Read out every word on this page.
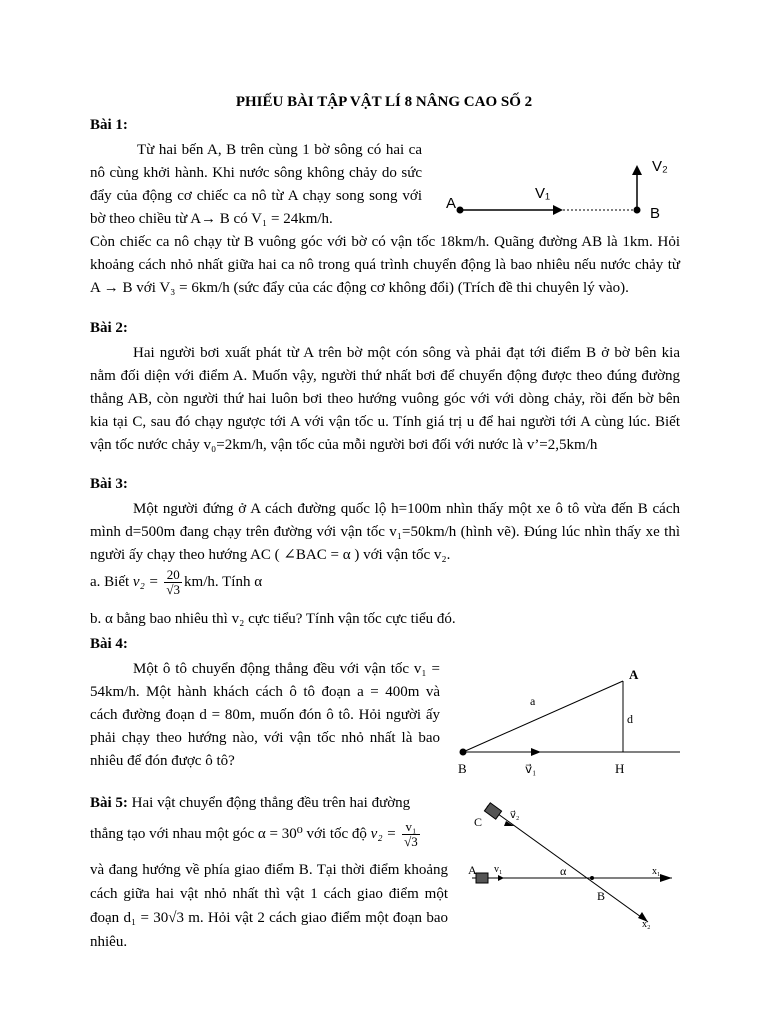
PHIẾU BÀI TẬP VẬT LÍ 8 NÂNG CAO SỐ 2
Bài 1:

Từ hai bến A, B trên cùng 1 bờ sông có hai ca nô cùng khởi hành. Khi nước sông không chảy do sức đẩy của động cơ chiếc ca nô từ A chạy song song với bờ theo chiều từ A→ B có V₁ = 24km/h.

Còn chiếc ca nô chạy từ B vuông góc với bờ có vận tốc 18km/h. Quãng đường AB là 1km. Hỏi khoảng cách nhỏ nhất giữa hai ca nô trong quá trình chuyển động là bao nhiêu nếu nước chảy từ A → B với V₃ = 6km/h (sức đẩy của các động cơ không đổi) (Trích đề thi chuyên lý vào).

A
B
V₁
V₂
Bài 2:

Hai người bơi xuất phát từ A trên bờ một cón sông và phải đạt tới điểm B ở bờ bên kia nằm đối diện với điểm A. Muốn vậy, người thứ nhất bơi để chuyển động được theo đúng đường thẳng AB, còn người thứ hai luôn bơi theo hướng vuông góc với với dòng chảy, rồi đến bờ bên kia tại C, sau đó chạy ngược tới A với vận tốc u. Tính giá trị u để hai người tới A cùng lúc. Biết vận tốc nước chảy v₀=2km/h, vận tốc của mỗi người bơi đối với nước là v’=2,5km/h

Bài 3:

Một người đứng ở A cách đường quốc lộ h=100m nhìn thấy một xe ô tô vừa đến B cách mình d=500m đang chạy trên đường với vận tốc v₁=50km/h (hình vẽ). Đúng lúc nhìn thấy xe thì người ấy chạy theo hướng AC ( ∠BAC = α ) với vận tốc v₂.

a. Biết $v_2 = \frac{20}{√3} km/h$. Tính α
b. α bằng bao nhiêu thì v₂ cực tiểu? Tính vận tốc cực tiểu đó.
Bài 4:

Một ô tô chuyển động thẳng đều với vận tốc v₁ = 54km/h. Một hành khách cách ô tô đoạn a = 400m và cách đường đoạn d = 80m, muốn đón ô tô. Hỏi người ấy phải chạy theo hướng nào, với vận tốc nhỏ nhất là bao nhiêu để đón được ô tô?

A
B	H
a
d
v⃗₁
Bài 5: Hai vật chuyển động thẳng đều trên hai đường
thẳng tạo với nhau một góc α = 30⁰ với tốc độ $v_2 = \frac{\text{v₁}}{√3}$

và đang hướng về phía giao điểm B. Tại thời điểm khoảng cách giữa hai vật nhỏ nhất thì vật 1 cách giao điểm một đoạn d₁ = 30√3 m. Hỏi vật 2 cách giao điểm một đoạn bao nhiêu.

A
C
B
v₁
v⃗₂
x₁
x₂
α
